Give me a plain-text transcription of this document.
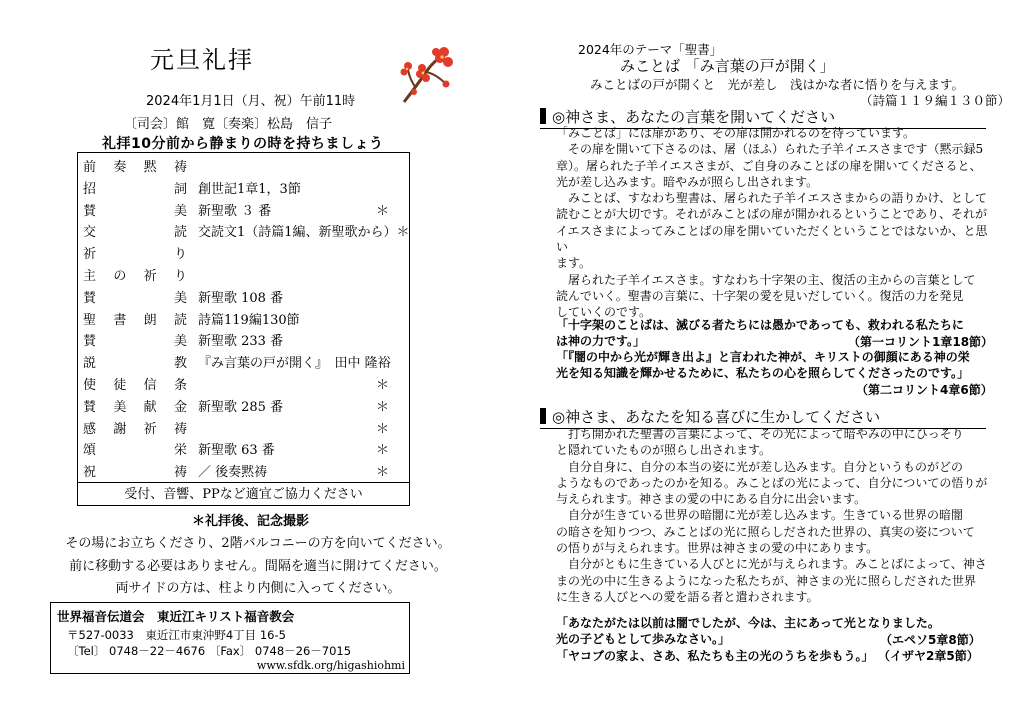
元旦礼拝
2024年1月1日（月、祝）午前11時
〔司会〕館　寛〔奏楽〕松島　信子
礼拝10分前から静まりの時を持ちましょう
前 奏 黙 祷
招	詞 創世記1章1，3節
賛	美 新聖歌 ３ 番	＊
交	読 交読文1（詩篇1編、新聖歌から）＊
祈	り
主 の 祈 り
賛	美 新聖歌 108 番
聖 書 朗 読 詩篇119編130節
賛	美 新聖歌 233 番
説	教 『み言葉の戸が開く』　田中 隆裕
使 徒 信 条	＊
賛 美 献 金 新聖歌 285 番	＊
感 謝 祈 祷	＊
頌	栄 新聖歌 63 番	＊
祝	祷 ／ 後奏黙祷	＊
受付、音響、PPなど適宜ご協力ください
＊礼拝後、記念撮影
その場にお立ちくださり、2階バルコニーの方を向いてください。
前に移動する必要はありません。間隔を適当に開けてください。
両サイドの方は、柱より内側に入ってください。
世界福音伝道会　東近江キリスト福音教会
〒527-0033　東近江市東沖野4丁目 16-5
〔Tel〕 0748－22－4676 〔Fax〕 0748－26－7015
www.sfdk.org/higashiohmi
2024年のテーマ「聖書」
みことば 「み言葉の戸が開く」
みことばの戸が開くと　光が差し　浅はかな者に悟りを与えます。
（詩篇１１９編１３０節）
◎神さま、あなたの言葉を開いてください
「みことば」には扉があり、その扉は開かれるのを待っています。
　その扉を開いて下さるのは、屠（ほふ）られた子羊イエスさまです（黙示録5
章）。屠られた子羊イエスさまが、ご自身のみことばの扉を開いてくださると、
光が差し込みます。暗やみが照らし出されます。
　みことば、すなわち聖書は、屠られた子羊イエスさまからの語りかけ、として
読むことが大切です。それがみことばの扉が開かれるということであり、それが
イエスさまによってみことばの扉を開いていただくということではないか、と思い
ます。
　屠られた子羊イエスさま。すなわち十字架の主、復活の主からの言葉として
読んでいく。聖書の言葉に、十字架の愛を見いだしていく。復活の力を発見
していくのです。
「十字架のことばは、滅びる者たちには愚かであっても、救われる私たちに
は神の力です。」	（第一コリント1章18節）
「『闇の中から光が輝き出よ』と言われた神が、キリストの御顔にある神の栄
光を知る知識を輝かせるために、私たちの心を照らしてくださったのです。」
（第二コリント4章6節）
◎神さま、あなたを知る喜びに生かしてください
　打ち開かれた聖書の言葉によって、その光によって暗やみの中にひっそり
と隠れていたものが照らし出されます。
　自分自身に、自分の本当の姿に光が差し込みます。自分というものがどの
ようなものであったのかを知る。みことばの光によって、自分についての悟りが
与えられます。神さまの愛の中にある自分に出会います。
　自分が生きている世界の暗闇に光が差し込みます。生きている世界の暗闇
の暗さを知りつつ、みことばの光に照らしだされた世界の、真実の姿について
の悟りが与えられます。世界は神さまの愛の中にあります。
　自分がともに生きている人びとに光が与えられます。みことばによって、神さ
まの光の中に生きるようになった私たちが、神さまの光に照らしだされた世界
に生きる人びとへの愛を語る者と遣わされます。
「あなたがたは以前は闇でしたが、今は、主にあって光となりました。
光の子どもとして歩みなさい。」
「ヤコブの家よ、さあ、私たちも主の光のうちを歩もう。」
（エペソ5章8節）
（イザヤ2章5節）
